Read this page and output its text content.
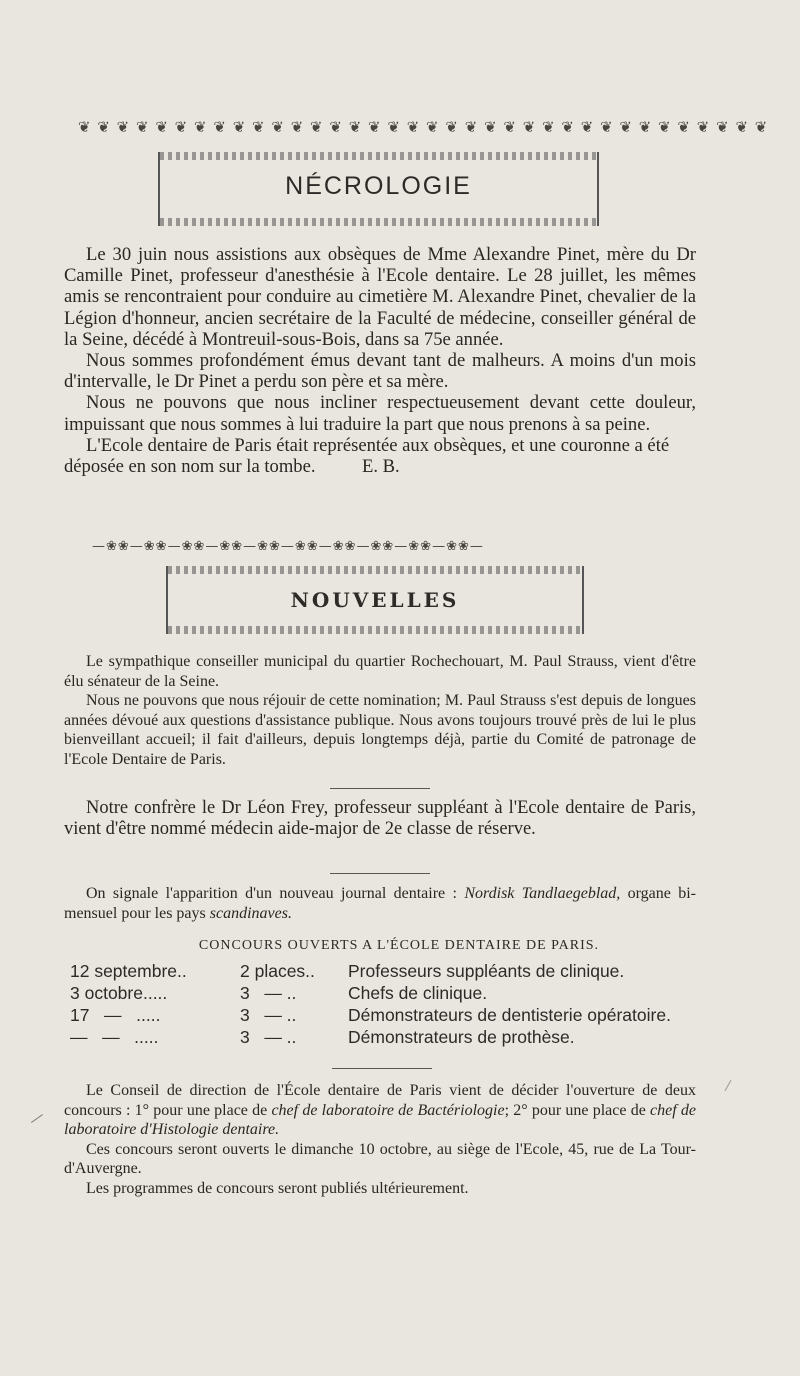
❦ ❦ ❦ ❦ ❦ ❦ ❦ ❦ ❦ ❦ ❦ ❦ ❦ ❦ ❦ ❦ ❦ ❦ ❦ ❦ ❦ ❦ ❦ ❦ ❦ ❦ ❦ ❦ ❦ ❦ ❦ ❦ ❦ ❦ ❦ ❦
NÉCROLOGIE

Le 30 juin nous assistions aux obsèques de Mme Alexandre Pinet, mère du Dr Camille Pinet, professeur d'anesthésie à l'Ecole dentaire. Le 28 juillet, les mêmes amis se rencontraient pour conduire au cimetière M. Alexandre Pinet, chevalier de la Légion d'honneur, ancien secrétaire de la Faculté de médecine, conseiller général de la Seine, décédé à Montreuil-sous-Bois, dans sa 75e année.

Nous sommes profondément émus devant tant de malheurs. A moins d'un mois d'intervalle, le Dr Pinet a perdu son père et sa mère.

Nous ne pouvons que nous incliner respectueusement devant cette douleur, impuissant que nous sommes à lui traduire la part que nous prenons à sa peine.

L'Ecole dentaire de Paris était représentée aux obsèques, et une couronne a été déposée en son nom sur la tombe.          E. B.

—❀❀—❀❀—❀❀—❀❀—❀❀—❀❀—❀❀—❀❀—❀❀—❀❀—
NOUVELLES

Le sympathique conseiller municipal du quartier Rochechouart, M. Paul Strauss, vient d'être élu sénateur de la Seine.

Nous ne pouvons que nous réjouir de cette nomination; M. Paul Strauss s'est depuis de longues années dévoué aux questions d'assistance publique. Nous avons toujours trouvé près de lui le plus bienveillant accueil; il fait d'ailleurs, depuis longtemps déjà, partie du Comité de patronage de l'Ecole Dentaire de Paris.

Notre confrère le Dr Léon Frey, professeur suppléant à l'Ecole dentaire de Paris, vient d'être nommé médecin aide-major de 2e classe de réserve.

On signale l'apparition d'un nouveau journal dentaire : Nordisk Tandlaegeblad, organe bi-mensuel pour les pays scandinaves.

CONCOURS OUVERTS A L'ÉCOLE DENTAIRE DE PARIS.
12 septembre..	2 places..	Professeurs suppléants de clinique.
3 octobre.....	3   — ..	Chefs de clinique.
17   —   .....	3   — ..	Démonstrateurs de dentisterie opératoire.
—   —   .....	3   — ..	Démonstrateurs de prothèse.

Le Conseil de direction de l'École dentaire de Paris vient de décider l'ouverture de deux concours : 1° pour une place de chef de laboratoire de Bactériologie; 2° pour une place de chef de laboratoire d'Histologie dentaire.

Ces concours seront ouverts le dimanche 10 octobre, au siège de l'Ecole, 45, rue de La Tour-d'Auvergne.

Les programmes de concours seront publiés ultérieurement.
